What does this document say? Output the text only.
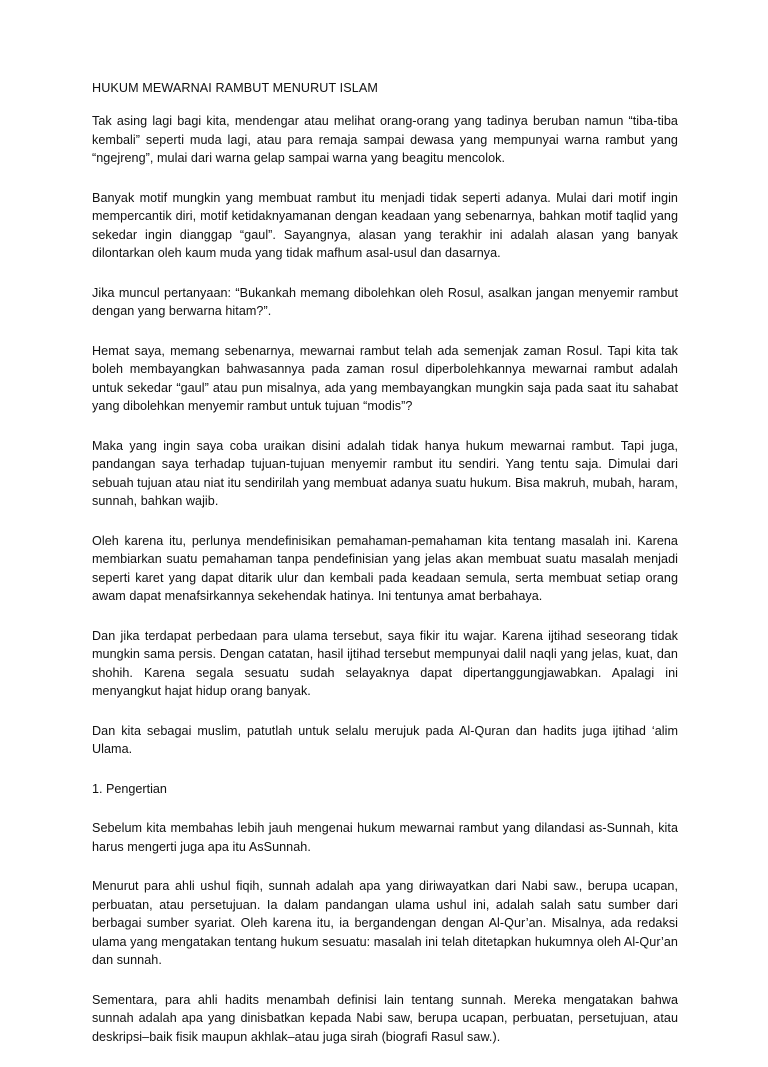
HUKUM MEWARNAI RAMBUT MENURUT ISLAM

Tak asing lagi bagi kita, mendengar atau melihat orang-orang yang tadinya beruban namun “tiba-tiba kembali” seperti muda lagi, atau para remaja sampai dewasa yang mempunyai warna rambut yang “ngejreng”, mulai dari warna gelap sampai warna yang beagitu mencolok.

Banyak motif mungkin yang membuat rambut itu menjadi tidak seperti adanya. Mulai dari motif ingin mempercantik diri, motif ketidaknyamanan dengan keadaan yang sebenarnya, bahkan motif taqlid yang sekedar ingin dianggap “gaul”. Sayangnya, alasan yang terakhir ini adalah alasan yang banyak dilontarkan oleh kaum muda yang tidak mafhum asal-usul dan dasarnya.

Jika muncul pertanyaan: “Bukankah memang dibolehkan oleh Rosul, asalkan jangan menyemir rambut dengan yang berwarna hitam?”.

Hemat saya, memang sebenarnya, mewarnai rambut telah ada semenjak zaman Rosul. Tapi kita tak boleh membayangkan bahwasannya pada zaman rosul diperbolehkannya mewarnai rambut adalah untuk sekedar “gaul” atau pun misalnya, ada yang membayangkan mungkin saja pada saat itu sahabat yang dibolehkan menyemir rambut untuk tujuan “modis”?

Maka yang ingin saya coba uraikan disini adalah tidak hanya hukum mewarnai rambut. Tapi juga, pandangan saya terhadap tujuan-tujuan menyemir rambut itu sendiri. Yang tentu saja. Dimulai dari sebuah tujuan atau niat itu sendirilah yang membuat adanya suatu hukum. Bisa makruh, mubah, haram, sunnah, bahkan wajib.

Oleh karena itu, perlunya mendefinisikan pemahaman-pemahaman kita tentang masalah ini. Karena membiarkan suatu pemahaman tanpa pendefinisian yang jelas akan membuat suatu masalah menjadi seperti karet yang dapat ditarik ulur dan kembali pada keadaan semula, serta membuat setiap orang awam dapat menafsirkannya sekehendak hatinya. Ini tentunya amat berbahaya.

Dan jika terdapat perbedaan para ulama tersebut, saya fikir itu wajar. Karena ijtihad seseorang tidak mungkin sama persis. Dengan catatan, hasil ijtihad tersebut mempunyai dalil naqli yang jelas, kuat, dan shohih. Karena segala sesuatu sudah selayaknya dapat dipertanggungjawabkan. Apalagi ini menyangkut hajat hidup orang banyak.

Dan kita sebagai muslim, patutlah untuk selalu merujuk pada Al-Quran dan hadits juga ijtihad ‘alim Ulama.

1. Pengertian

Sebelum kita membahas lebih jauh mengenai hukum mewarnai rambut yang dilandasi as-Sunnah, kita harus mengerti juga apa itu AsSunnah.

Menurut para ahli ushul fiqih, sunnah adalah apa yang diriwayatkan dari Nabi saw., berupa ucapan, perbuatan, atau persetujuan. Ia dalam pandangan ulama ushul ini, adalah salah satu sumber dari berbagai sumber syariat. Oleh karena itu, ia bergandengan dengan Al-Qur’an. Misalnya, ada redaksi ulama yang mengatakan tentang hukum sesuatu: masalah ini telah ditetapkan hukumnya oleh Al-Qur’an dan sunnah.

Sementara, para ahli hadits menambah definisi lain tentang sunnah. Mereka mengatakan bahwa sunnah adalah apa yang dinisbatkan kepada Nabi saw, berupa ucapan, perbuatan, persetujuan, atau deskripsi–baik fisik maupun akhlak–atau juga sirah (biografi Rasul saw.).
